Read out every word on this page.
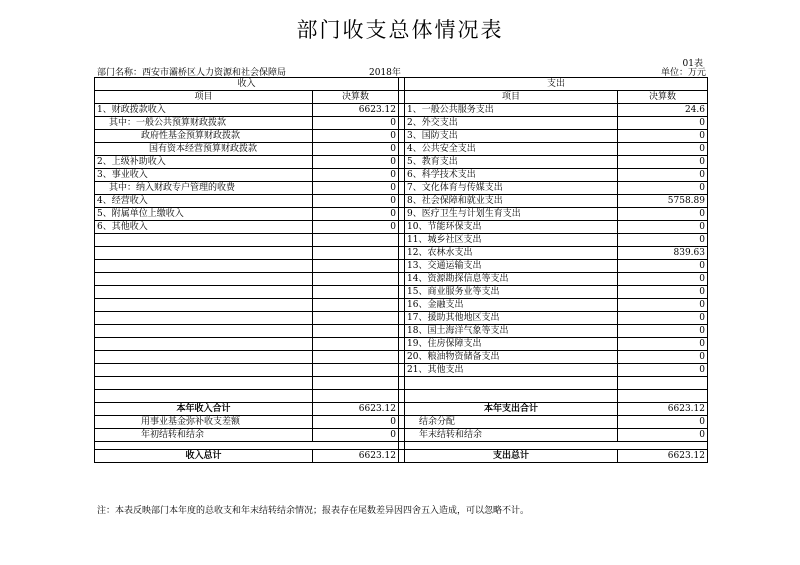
部门收支总体情况表
01表
部门名称：西安市灞桥区人力资源和社会保障局	2018年	单位：万元
收入			支出	
项目	决算数		项目	决算数
1、财政拨款收入	6623.12		1、一般公共服务支出	24.6
其中：一般公共预算财政拨款	0		2、外交支出	0
政府性基金预算财政拨款	0		3、国防支出	0
国有资本经营预算财政拨款	0		4、公共安全支出	0
2、上级补助收入	0		5、教育支出	0
3、事业收入	0		6、科学技术支出	0
其中：纳入财政专户管理的收费	0		7、文化体育与传媒支出	0
4、经营收入	0		8、社会保障和就业支出	5758.89
5、附属单位上缴收入	0		9、医疗卫生与计划生育支出	0
6、其他收入	0		10、节能环保支出	0
			11、城乡社区支出	0
			12、农林水支出	839.63
			13、交通运输支出	0
			14、资源勘探信息等支出	0
			15、商业服务业等支出	0
			16、金融支出	0
			17、援助其他地区支出	0
			18、国土海洋气象等支出	0
			19、住房保障支出	0
			20、粮油物资储备支出	0
			21、其他支出	0

本年收入合计	6623.12		本年支出合计	6623.12
用事业基金弥补收支差额	0		结余分配	0
年初结转和结余	0		年末结转和结余	0

收入总计	6623.12		支出总计	6623.12
注：本表反映部门本年度的总收支和年末结转结余情况；报表存在尾数差异因四舍五入造成，可以忽略不计。
